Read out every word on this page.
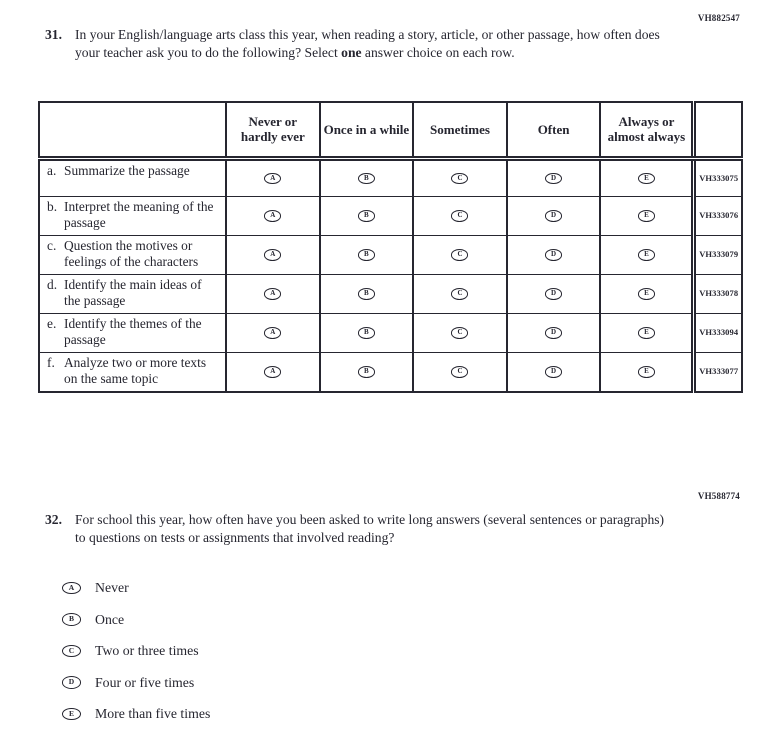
VH882547
31. In your English/language arts class this year, when reading a story, article, or other passage, how often does your teacher ask you to do the following? Select one answer choice on each row.
	Never or hardly ever	Once in a while	Sometimes	Often	Always or almost always	

a. Summarize the passage	A	B	C	D	E	VH333075

b. Interpret the meaning of the passage	A	B	C	D	E	VH333076

c. Question the motives or feelings of the characters	A	B	C	D	E	VH333079

d. Identify the main ideas of the passage	A	B	C	D	E	VH333078

e. Identify the themes of the passage	A	B	C	D	E	VH333094

f. Analyze two or more texts on the same topic	A	B	C	D	E	VH333077
VH588774
32. For school this year, how often have you been asked to write long answers (several sentences or paragraphs) to questions on tests or assignments that involved reading?
A	Never
B	Once
C	Two or three times
D	Four or five times
E	More than five times
